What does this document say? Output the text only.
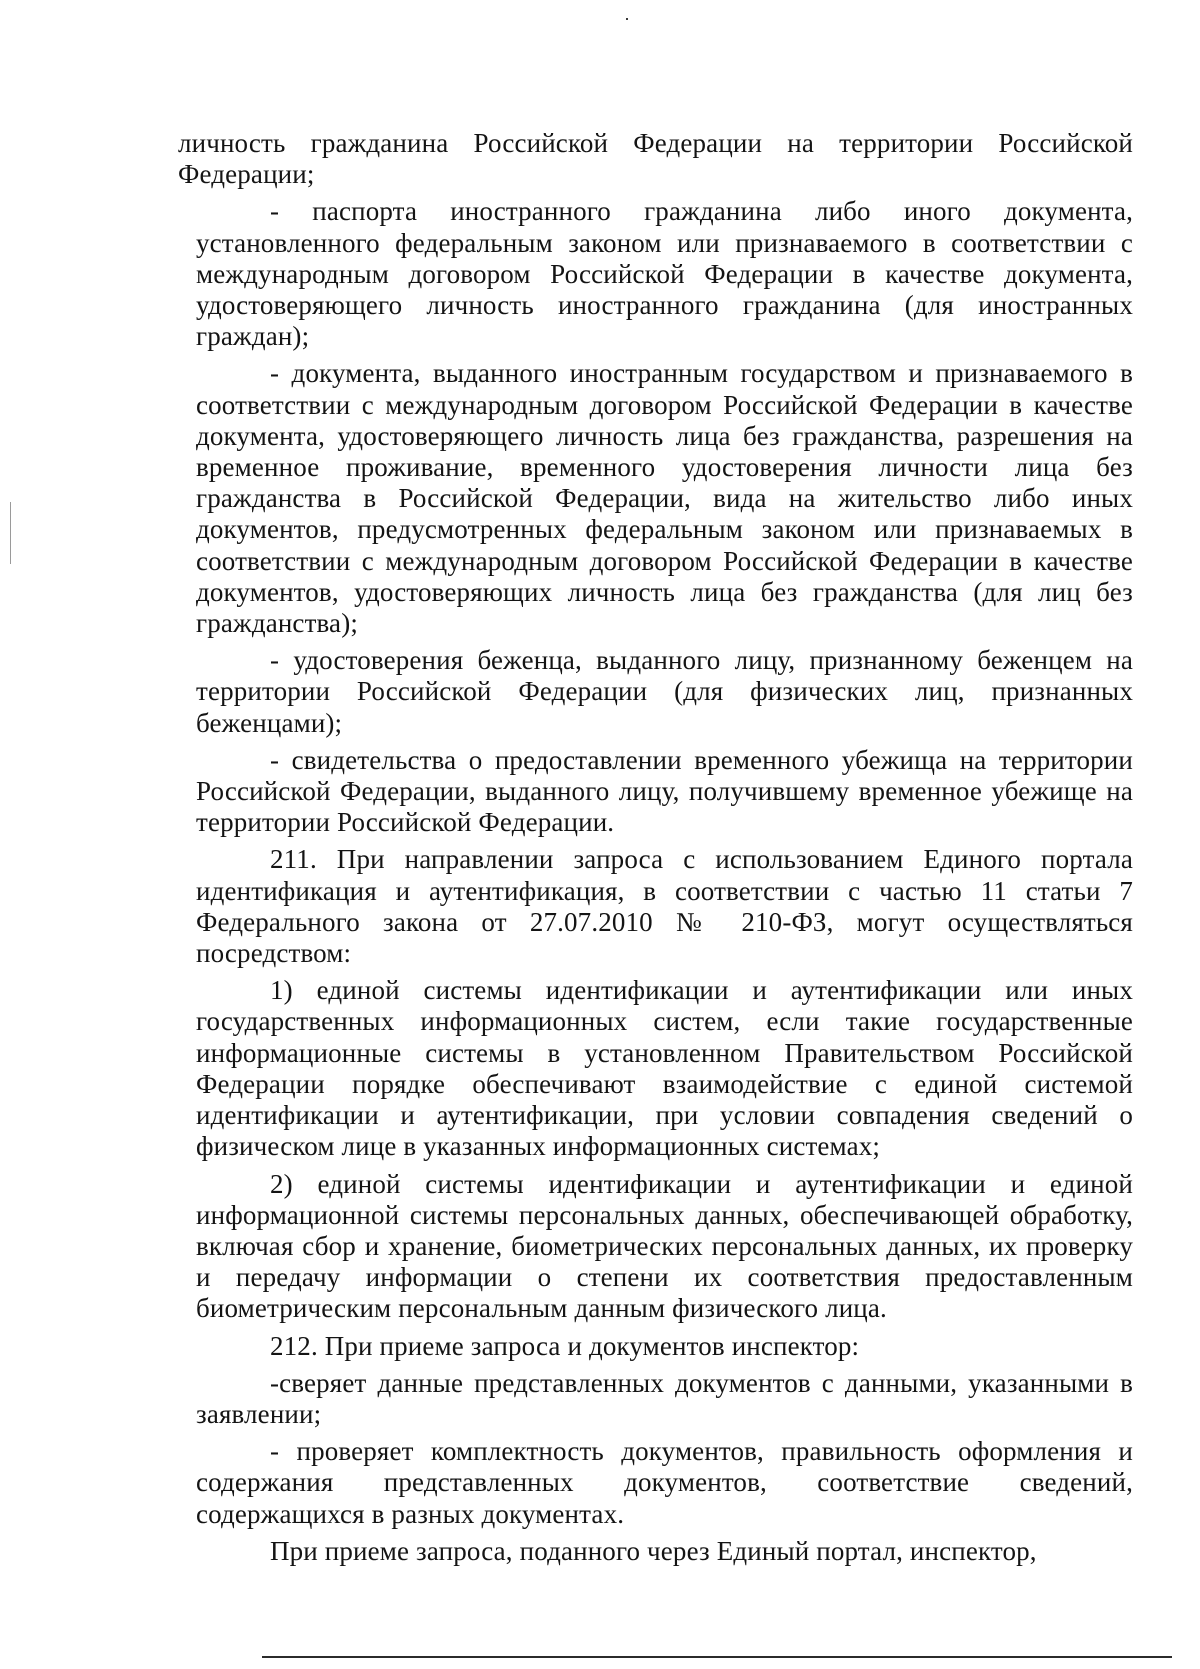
личность гражданина Российской Федерации на территории Российской Федерации;

- паспорта иностранного гражданина либо иного документа, установленного федеральным законом или признаваемого в соответствии с международным договором Российской Федерации в качестве документа, удостоверяющего личность иностранного гражданина (для иностранных граждан);

- документа, выданного иностранным государством и признаваемого в соответствии с международным договором Российской Федерации в качестве документа, удостоверяющего личность лица без гражданства, разрешения на временное проживание, временного удостоверения личности лица без гражданства в Российской Федерации, вида на жительство либо иных документов, предусмотренных федеральным законом или признаваемых в соответствии с международным договором Российской Федерации в качестве документов, удостоверяющих личность лица без гражданства (для лиц без гражданства);

- удостоверения беженца, выданного лицу, признанному беженцем на территории Российской Федерации (для физических лиц, признанных беженцами);

- свидетельства о предоставлении временного убежища на территории Российской Федерации, выданного лицу, получившему временное убежище на территории Российской Федерации.

211. При направлении запроса с использованием Единого портала идентификация и аутентификация, в соответствии с частью 11 статьи 7 Федерального закона от 27.07.2010 № 210-ФЗ, могут осуществляться посредством:

1) единой системы идентификации и аутентификации или иных государственных информационных систем, если такие государственные информационные системы в установленном Правительством Российской Федерации порядке обеспечивают взаимодействие с единой системой идентификации и аутентификации, при условии совпадения сведений о физическом лице в указанных информационных системах;

2) единой системы идентификации и аутентификации и единой информационной системы персональных данных, обеспечивающей обработку, включая сбор и хранение, биометрических персональных данных, их проверку и передачу информации о степени их соответствия предоставленным биометрическим персональным данным физического лица.

212. При приеме запроса и документов инспектор:

-сверяет данные представленных документов с данными, указанными в заявлении;

- проверяет комплектность документов, правильность оформления и содержания представленных документов, соответствие сведений, содержащихся в разных документах.

При приеме запроса, поданного через Единый портал, инспектор,
